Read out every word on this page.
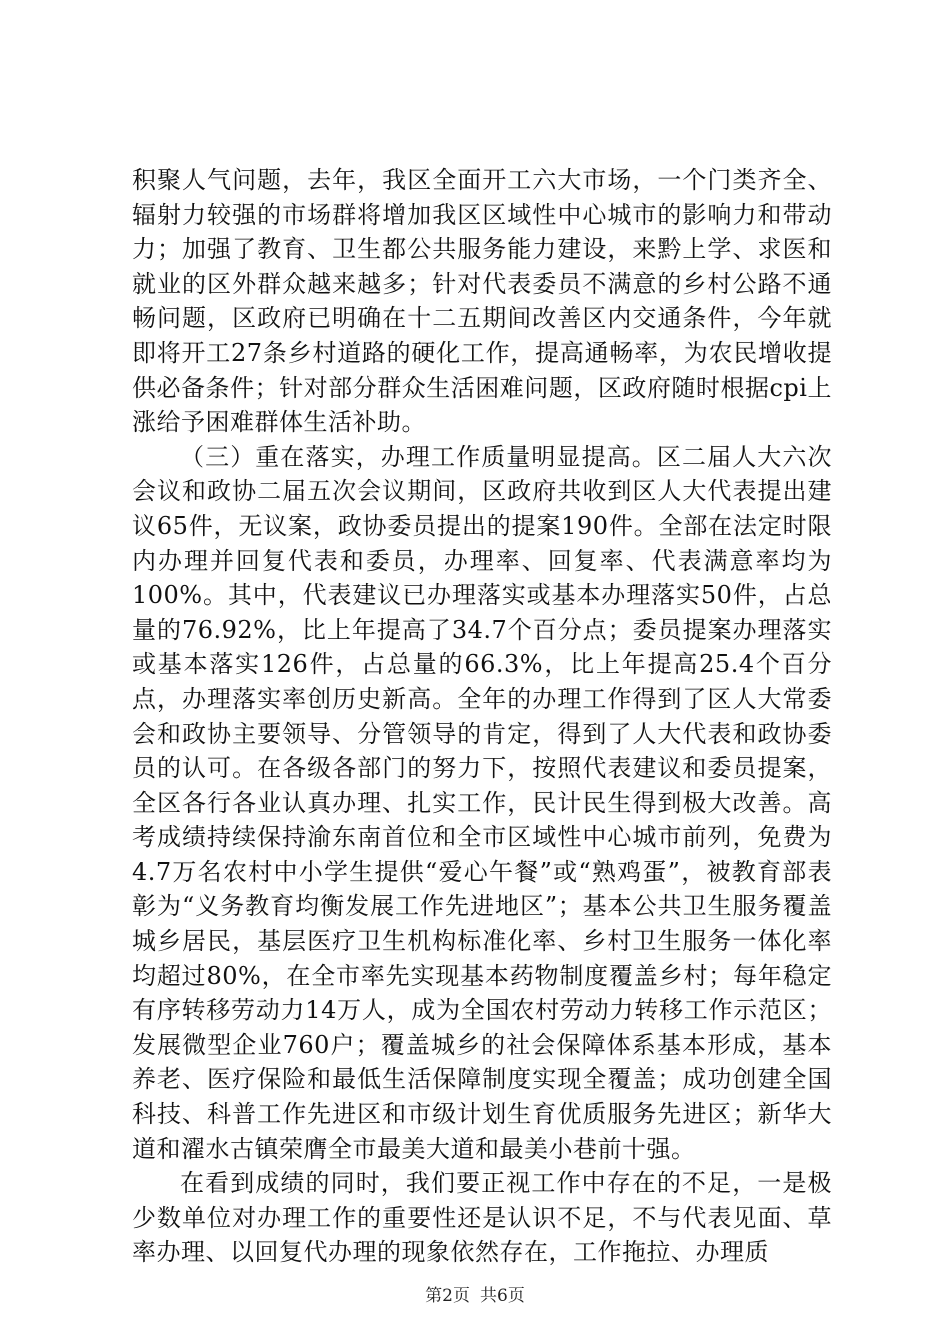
积聚人气问题，去年，我区全面开工六大市场，一个门类齐全、辐射力较强的市场群将增加我区区域性中心城市的影响力和带动力；加强了教育、卫生都公共服务能力建设，来黔上学、求医和就业的区外群众越来越多；针对代表委员不满意的乡村公路不通畅问题，区政府已明确在十二五期间改善区内交通条件，今年就即将开工27条乡村道路的硬化工作，提高通畅率，为农民增收提供必备条件；针对部分群众生活困难问题，区政府随时根据cpi上涨给予困难群体生活补助。

（三）重在落实，办理工作质量明显提高。区二届人大六次会议和政协二届五次会议期间，区政府共收到区人大代表提出建议65件，无议案，政协委员提出的提案190件。全部在法定时限内办理并回复代表和委员，办理率、回复率、代表满意率均为100%。其中，代表建议已办理落实或基本办理落实50件，占总量的76.92%，比上年提高了34.7个百分点；委员提案办理落实或基本落实126件，占总量的66.3%，比上年提高25.4个百分点，办理落实率创历史新高。全年的办理工作得到了区人大常委会和政协主要领导、分管领导的肯定，得到了人大代表和政协委员的认可。在各级各部门的努力下，按照代表建议和委员提案，全区各行各业认真办理、扎实工作，民计民生得到极大改善。高考成绩持续保持渝东南首位和全市区域性中心城市前列，免费为4.7万名农村中小学生提供“爱心午餐”或“熟鸡蛋”，被教育部表彰为“义务教育均衡发展工作先进地区”；基本公共卫生服务覆盖城乡居民，基层医疗卫生机构标准化率、乡村卫生服务一体化率均超过80%，在全市率先实现基本药物制度覆盖乡村；每年稳定有序转移劳动力14万人，成为全国农村劳动力转移工作示范区；发展微型企业760户；覆盖城乡的社会保障体系基本形成，基本养老、医疗保险和最低生活保障制度实现全覆盖；成功创建全国科技、科普工作先进区和市级计划生育优质服务先进区；新华大道和濯水古镇荣膺全市最美大道和最美小巷前十强。

在看到成绩的同时，我们要正视工作中存在的不足，一是极少数单位对办理工作的重要性还是认识不足，不与代表见面、草率办理、以回复代办理的现象依然存在，工作拖拉、办理质

第2页 共6页
